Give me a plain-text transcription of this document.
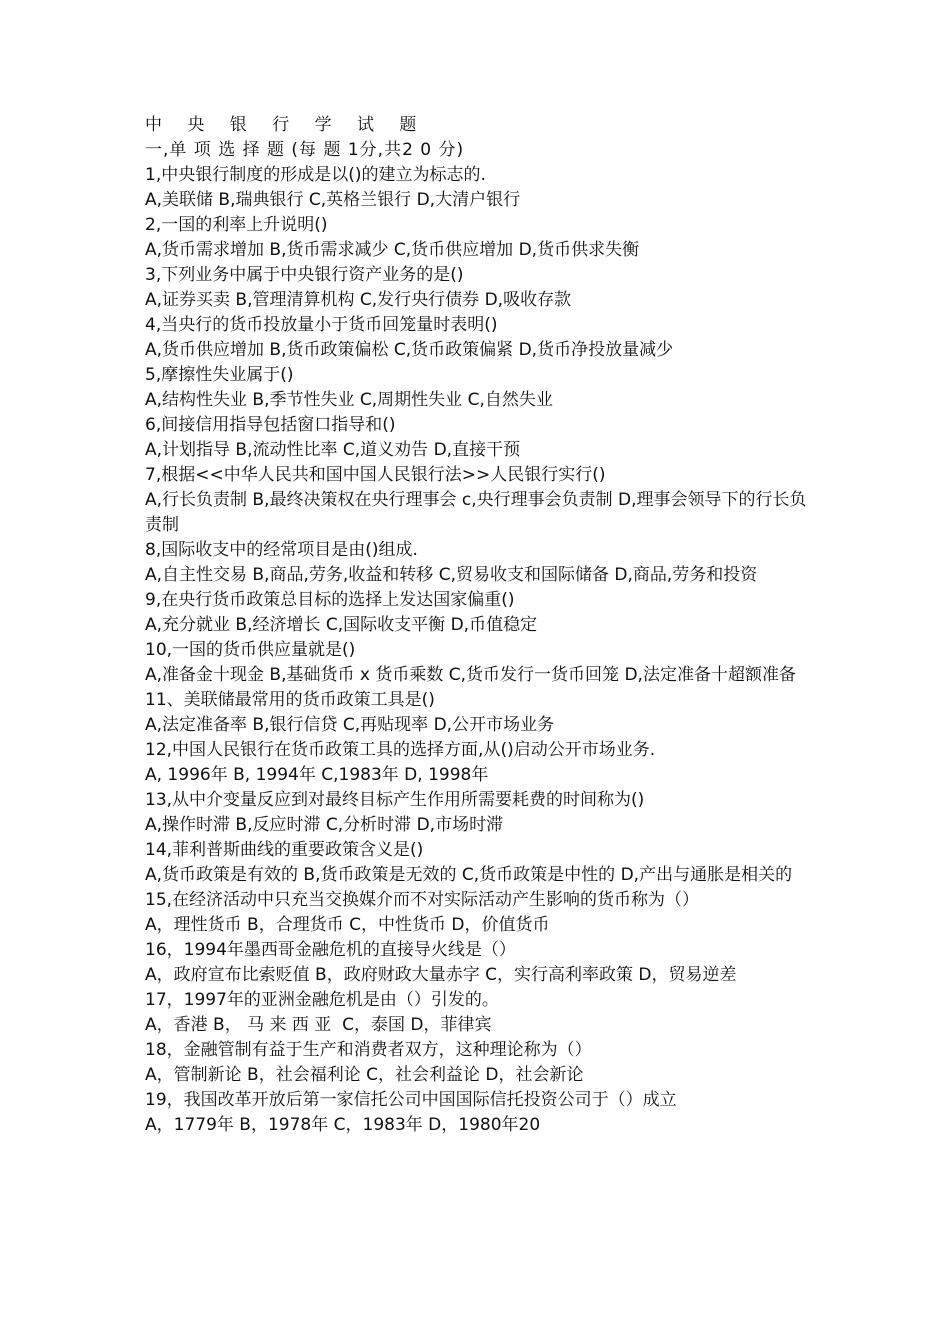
中 央 银 行 学 试 题
一,单 项 选 择 题 (每 题 1分,共2 0 分)
1,中央银行制度的形成是以()的建立为标志的.
A,美联储 B,瑞典银行 C,英格兰银行 D,大清户银行
2,一国的利率上升说明()
A,货币需求增加 B,货币需求减少 C,货币供应增加 D,货币供求失衡
3,下列业务中属于中央银行资产业务的是()
A,证券买卖 B,管理清算机构 C,发行央行债券 D,吸收存款
4,当央行的货币投放量小于货币回笼量时表明()
A,货币供应增加 B,货币政策偏松 C,货币政策偏紧 D,货币净投放量减少
5,摩擦性失业属于()
A,结构性失业 B,季节性失业 C,周期性失业 C,自然失业
6,间接信用指导包括窗口指导和()
A,计划指导 B,流动性比率 C,道义劝告 D,直接干预
7,根据<<中华人民共和国中国人民银行法>>人民银行实行()
A,行长负责制 B,最终决策权在央行理事会 c,央行理事会负责制 D,理事会领导下的行长负责制
8,国际收支中的经常项目是由()组成.
A,自主性交易 B,商品,劳务,收益和转移 C,贸易收支和国际储备 D,商品,劳务和投资
9,在央行货币政策总目标的选择上发达国家偏重()
A,充分就业 B,经济增长 C,国际收支平衡 D,币值稳定
10,一国的货币供应量就是()
A,准备金十现金 B,基础货币 x 货币乘数 C,货币发行一货币回笼 D,法定准备十超额准备
11、美联储最常用的货币政策工具是()
A,法定准备率 B,银行信贷 C,再贴现率 D,公开市场业务
12,中国人民银行在货币政策工具的选择方面,从()启动公开市场业务.
A, 1996年 B, 1994年 C,1983年 D, 1998年
13,从中介变量反应到对最终目标产生作用所需要耗费的时间称为()
A,操作时滞 B,反应时滞 C,分析时滞 D,市场时滞
14,菲利普斯曲线的重要政策含义是()
A,货币政策是有效的 B,货币政策是无效的 C,货币政策是中性的 D,产出与通胀是相关的
15,在经济活动中只充当交换媒介而不对实际活动产生影响的货币称为（）
A，理性货币 B，合理货币 C，中性货币 D，价值货币
16，1994年墨西哥金融危机的直接导火线是（）
A，政府宣布比索贬值 B，政府财政大量赤字 C，实行高利率政策 D，贸易逆差
17，1997年的亚洲金融危机是由（）引发的。
A，香港 B， 马 来 西 亚  C，泰国 D，菲律宾
18，金融管制有益于生产和消费者双方，这种理论称为（）
A，管制新论 B，社会福利论 C，社会利益论 D，社会新论
19，我国改革开放后第一家信托公司中国国际信托投资公司于（）成立
A，1779年 B，1978年 C，1983年 D，1980年20
